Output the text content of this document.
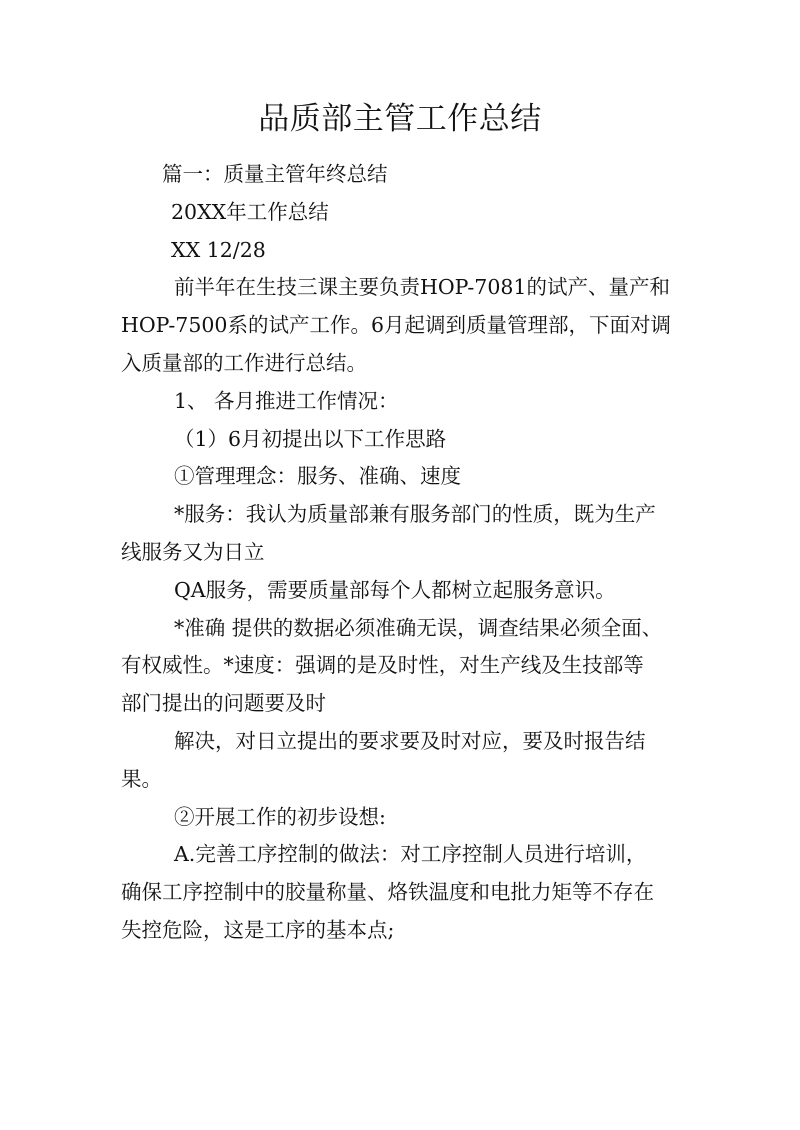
品质部主管工作总结

篇一：质量主管年终总结

20XX年工作总结

XX 12/28

前半年在生技三课主要负责HOP-7081的试产、量产和

HOP-7500系的试产工作。6月起调到质量管理部，下面对调

入质量部的工作进行总结。

1、 各月推进工作情况：

（1）6月初提出以下工作思路

①管理理念：服务、准确、速度

*服务：我认为质量部兼有服务部门的性质，既为生产

线服务又为日立

QA服务，需要质量部每个人都树立起服务意识。

*准确 提供的数据必须准确无误，调查结果必须全面、

有权威性。*速度：强调的是及时性，对生产线及生技部等

部门提出的问题要及时

解决，对日立提出的要求要及时对应，要及时报告结

果。

②开展工作的初步设想:

A.完善工序控制的做法：对工序控制人员进行培训，

确保工序控制中的胶量称量、烙铁温度和电批力矩等不存在

失控危险，这是工序的基本点;
